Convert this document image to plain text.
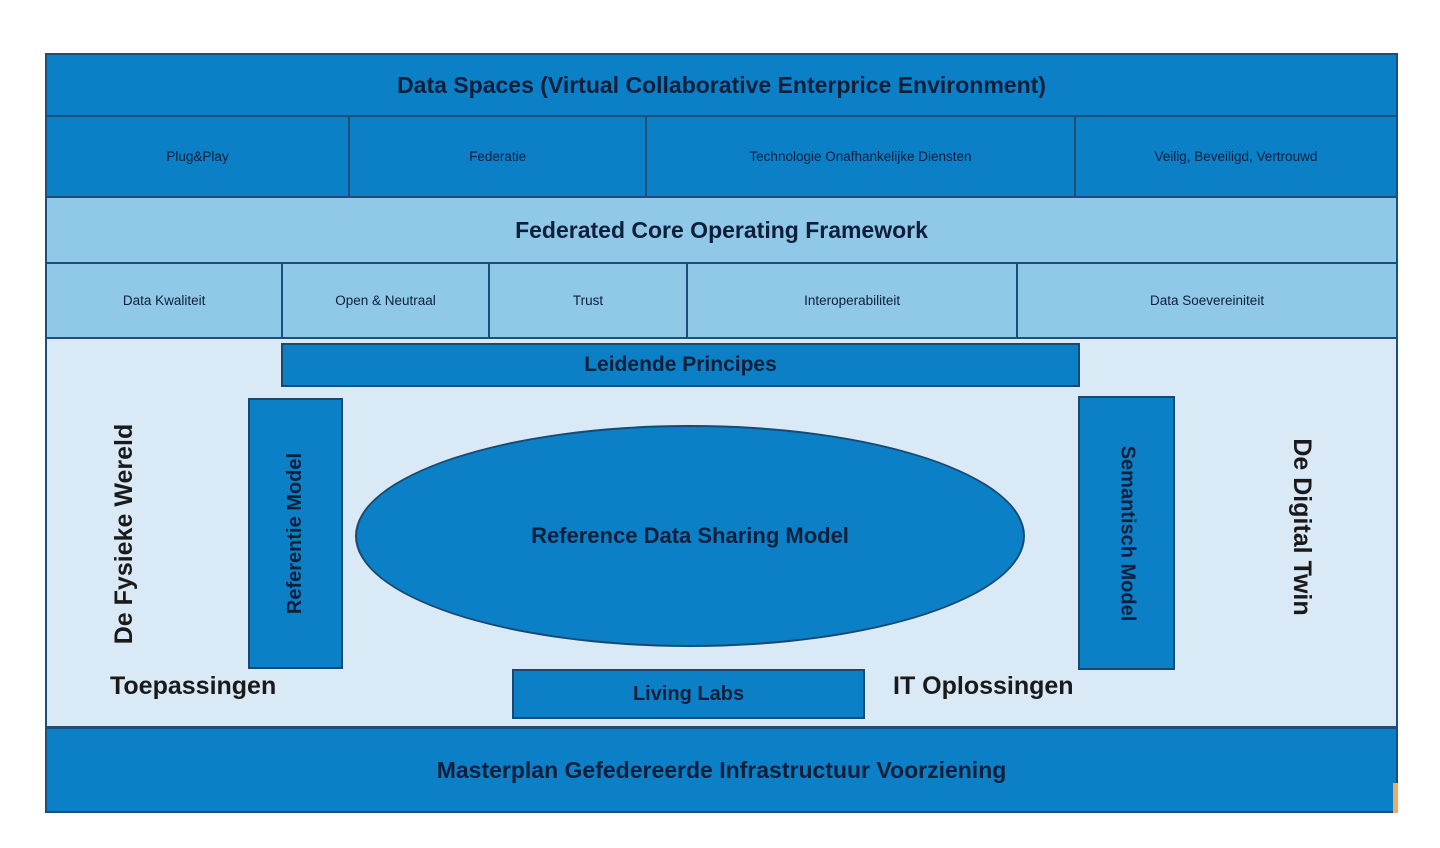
Data Spaces (Virtual Collaborative Enterprice Environment)
Plug&Play	Federatie	Technologie Onafhankelijke Diensten	Veilig, Beveiligd, Vertrouwd
Federated Core Operating Framework
Data Kwaliteit	Open & Neutraal	Trust	Interoperabiliteit	Data Soevereiniteit
Leidende Principes
De Fysieke Wereld	Referentie Model	Reference Data Sharing Model	Semantisch Model	De Digital Twin
Toepassingen	Living Labs	IT Oplossingen
Masterplan Gefedereerde Infrastructuur Voorziening
